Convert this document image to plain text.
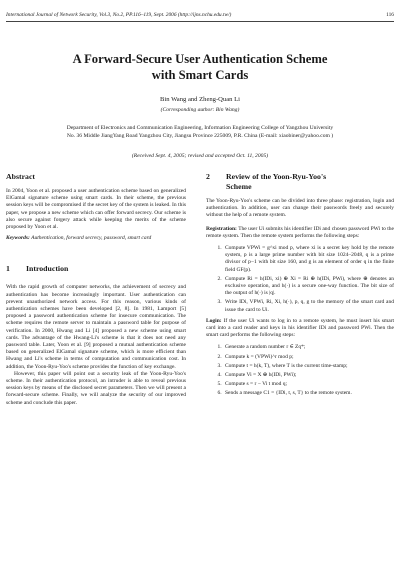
International Journal of Network Security, Vol.3, No.2, PP.116–119, Sept. 2006 (http://ijns.nchu.edu.tw/)	116
A Forward-Secure User Authentication Scheme
with Smart Cards
Bin Wang and Zheng-Quan Li
(Corresponding author: Bin Wang)
Department of Electronics and Communication Engineering, Information Engineering College of Yangzhou University
No. 36 Middle JiangYang Road Yangzhou City, Jiangsu Province 225009, P.R. China (E-mail: xiaobiner@yahoo.com )
(Received Sept. 4, 2005; revised and accepted Oct. 11, 2005)
Abstract

In 2004, Yoon et al. proposed a user authentication scheme based on generalized ElGamal signature scheme using smart cards. In their scheme, the previous session keys will be compromised if the secret key of the system is leaked. In this paper, we propose a new scheme which can offer forward secrecy. Our scheme is also secure against forgery attack while keeping the merits of the scheme proposed by Yoon et al.

Keywords: Authentication, forward secrecy, password, smart card
1 Introduction

With the rapid growth of computer networks, the achievement of secrecy and authentication has become increasingly important. User authentication can prevent unauthorized network access. For this reason, various kinds of authentication schemes have been developed [2, 8]. In 1981, Lamport [5] proposed a password authentication scheme for insecure communication. The scheme requires the remote server to maintain a password table for purpose of verification. In 2000, Hwang and Li [4] proposed a new scheme using smart cards. The advantage of the Hwang-Li's scheme is that it does not need any password table. Later, Yoon et al. [9] proposed a mutual authentication scheme based on generalized ElGamal signature scheme, which is more efficient than Hwang and Li's scheme in terms of computation and communication cost. In addition, the Yoon-Ryu-Yoo's scheme provides the function of key exchange.

However, this paper will point out a security leak of the Yoon-Ryu-Yoo's scheme. In their authentication protocol, an intruder is able to reveal previous session keys by means of the disclosed secret parameters. Then we will present a forward-secure scheme. Finally, we will analyze the security of our improved scheme and conclude this paper.

2 Review of the Yoon-Ryu-Yoo's
Scheme

The Yoon-Ryu-Yoo's scheme can be divided into three phase: registration, login and authentication. In addition, user can change their passwords freely and securely without the help of a remote system.

Registration: The user Ui submits his identifier IDi and chosen password PWi to the remote system. Then the remote system performs the following steps:

1. Compute VPWi = g^xi mod p, where xi is a secret key hold by the remote system, p is a large prime number with bit size 1024–2048, q is a prime divisor of p−1 with bit size 160, and g is an element of order q in the finite field GF(p).
2. Compute Ri = h(IDi, xi) ⊕ Xi = Ri ⊕ h(IDi, PWi), where ⊕ denotes an exclusive operation, and h(·) is a secure one-way function. The bit size of the output of h(·) is |q|.
3. Write IDi, VPWi, Ri, Xi, h(·), p, q, g to the memory of the smart card and issue the card to Ui.

Login: If the user Ui wants to log in to a remote system, he must insert his smart card into a card reader and keys in his identifier IDi and password PWi. Then the smart card performs the following steps:

1. Generate a random number r ∈ Zq*;
2. Compute k = (VPWi)^r mod p;
3. Compute t = h(k, T), where T is the current time-stamp;
4. Compute Vi = X ⊕ h(IDi, PWi);
5. Compute s = r − Vi t mod q;
6. Sends a message C1 = {IDi, t, s, T} to the remote system.
